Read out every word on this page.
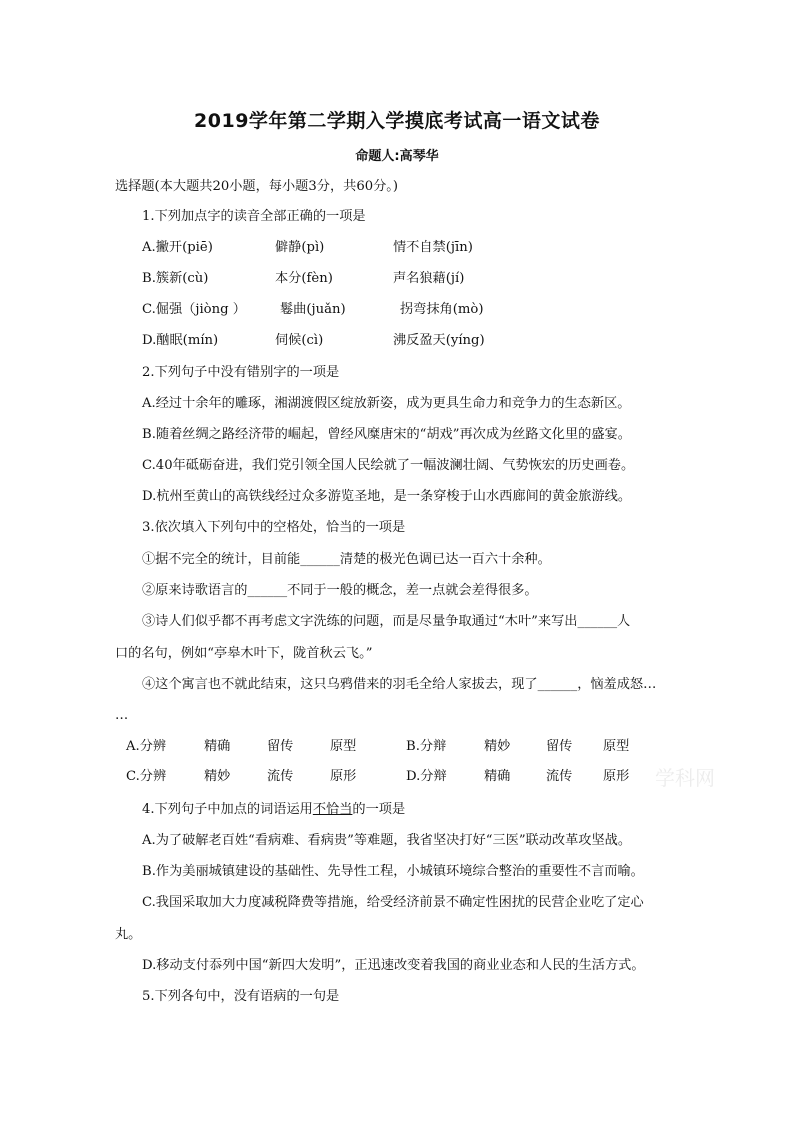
2019学年第二学期入学摸底考试高一语文试卷
命题人:高琴华
选择题(本大题共20小题，每小题3分，共60分。)
1.下列加点字的读音全部正确的一项是
A.撇开(piē)	僻静(pì)	情不自禁(jīn)
B.簇新(cù)	本分(fèn)	声名狼藉(jí)
C.倔强（jiòng ）	鬈曲(juǎn)	拐弯抹角(mò)
D.酗眠(mín)	伺候(cì)	沸反盈天(yíng)
2.下列句子中没有错别字的一项是
A.经过十余年的雕琢，湘湖渡假区绽放新姿，成为更具生命力和竞争力的生态新区。
B.随着丝绸之路经济带的崛起，曾经风糜唐宋的“胡戏”再次成为丝路文化里的盛宴。
C.40年砥砺奋进，我们党引领全国人民绘就了一幅波澜壮阔、气势恢宏的历史画卷。
D.杭州至黄山的高铁线经过众多游览圣地，是一条穿梭于山水西廊间的黄金旅游线。
3.依次填入下列句中的空格处，恰当的一项是
①据不完全的统计，目前能______清楚的极光色调已达一百六十余种。
②原来诗歌语言的______不同于一般的概念，差一点就会差得很多。
③诗人们似乎都不再考虑文字洗练的问题，而是尽量争取通过“木叶”来写出______人
口的名句，例如“亭皋木叶下，陇首秋云飞。”
④这个寓言也不就此结束，这只乌鸦借来的羽毛全给人家拔去，现了______，恼羞成怒…
…
A.分辨	精确	留传	原型	B.分辩	精妙	留传 原型
C.分辨	精妙	流传	原形	D.分辩	精确	流传 原形 学科网
4.下列句子中加点的词语运用不恰当的一项是
A.为了破解老百姓“看病难、看病贵”等难题，我省坚决打好“三医”联动改革攻坚战。
B.作为美丽城镇建设的基础性、先导性工程，小城镇环境综合整治的重要性不言而喻。
C.我国采取加大力度减税降费等措施，给受经济前景不确定性困扰的民营企业吃了定心
丸。
D.移动支付忝列中国“新四大发明”，正迅速改变着我国的商业业态和人民的生活方式。
5.下列各句中，没有语病的一句是
